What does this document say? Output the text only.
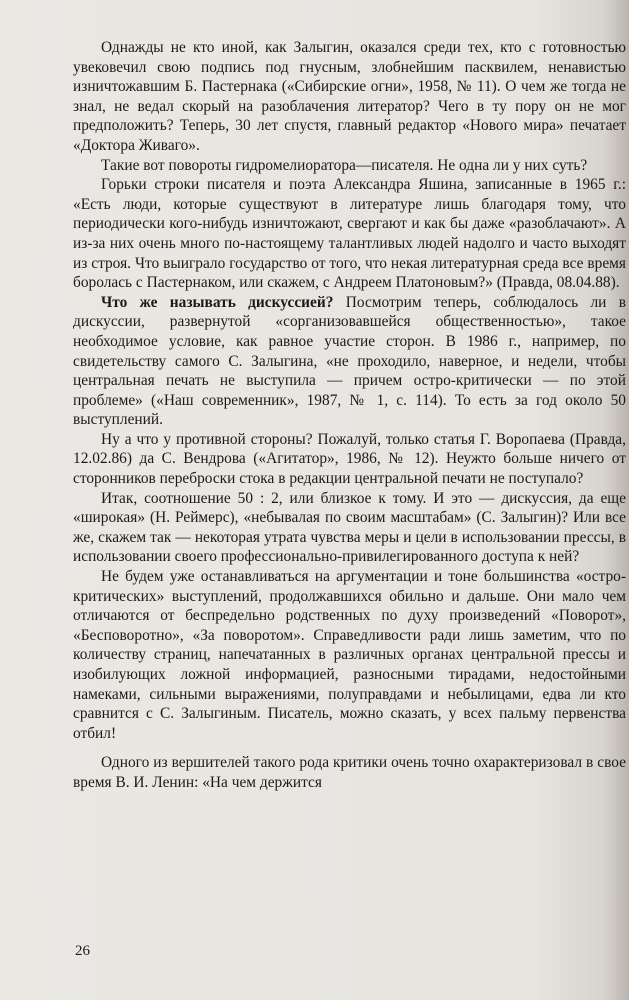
Однажды не кто иной, как Залыгин, оказался среди тех, кто с готовностью увековечил свою подпись под гнусным, злобнейшим пасквилем, ненавистью изничтожавшим Б. Пастернака («Сибирские огни», 1958, № 11). О чем же тогда не знал, не ведал скорый на разоблачения литератор? Чего в ту пору он не мог предположить? Теперь, 30 лет спустя, главный редактор «Нового мира» печатает «Доктора Живаго».

Такие вот повороты гидромелиоратора—писателя. Не одна ли у них суть?

Горьки строки писателя и поэта Александра Яшина, записанные в 1965 г.: «Есть люди, которые существуют в литературе лишь благодаря тому, что периодически кого-нибудь изничтожают, свергают и как бы даже «разоблачают». А из-за них очень много по-настоящему талантливых людей надолго и часто выходят из строя. Что выиграло государство от того, что некая литературная среда все время боролась с Пастернаком, или скажем, с Андреем Платоновым?» (Правда, 08.04.88).

Что же называть дискуссией? Посмотрим теперь, соблюдалось ли в дискуссии, развернутой «сорганизовавшейся общественностью», такое необходимое условие, как равное участие сторон. В 1986 г., например, по свидетельству самого С. Залыгина, «не проходило, наверное, и недели, чтобы центральная печать не выступила — причем остро-критически — по этой проблеме» («Наш современник», 1987, № 1, с. 114). То есть за год около 50 выступлений.

Ну а что у противной стороны? Пожалуй, только статья Г. Воропаева (Правда, 12.02.86) да С. Вендрова («Агитатор», 1986, № 12). Неужто больше ничего от сторонников переброски стока в редакции центральной печати не поступало?

Итак, соотношение 50 : 2, или близкое к тому. И это — дискуссия, да еще «широкая» (Н. Реймерс), «небывалая по своим масштабам» (С. Залыгин)? Или все же, скажем так — некоторая утрата чувства меры и цели в использовании прессы, в использовании своего профессионально-привилегированного доступа к ней?

Не будем уже останавливаться на аргументации и тоне большинства «остро-критических» выступлений, продолжавшихся обильно и дальше. Они мало чем отличаются от беспредельно родственных по духу произведений «Поворот», «Бесповоротно», «За поворотом». Справедливости ради лишь заметим, что по количеству страниц, напечатанных в различных органах центральной прессы и изобилующих ложной информацией, разносными тирадами, недостойными намеками, сильными выражениями, полуправдами и небылицами, едва ли кто сравнится с С. Залыгиным. Писатель, можно сказать, у всех пальму первенства отбил!

Одного из вершителей такого рода критики очень точно охарактеризовал в свое время В. И. Ленин: «На чем держится

26
